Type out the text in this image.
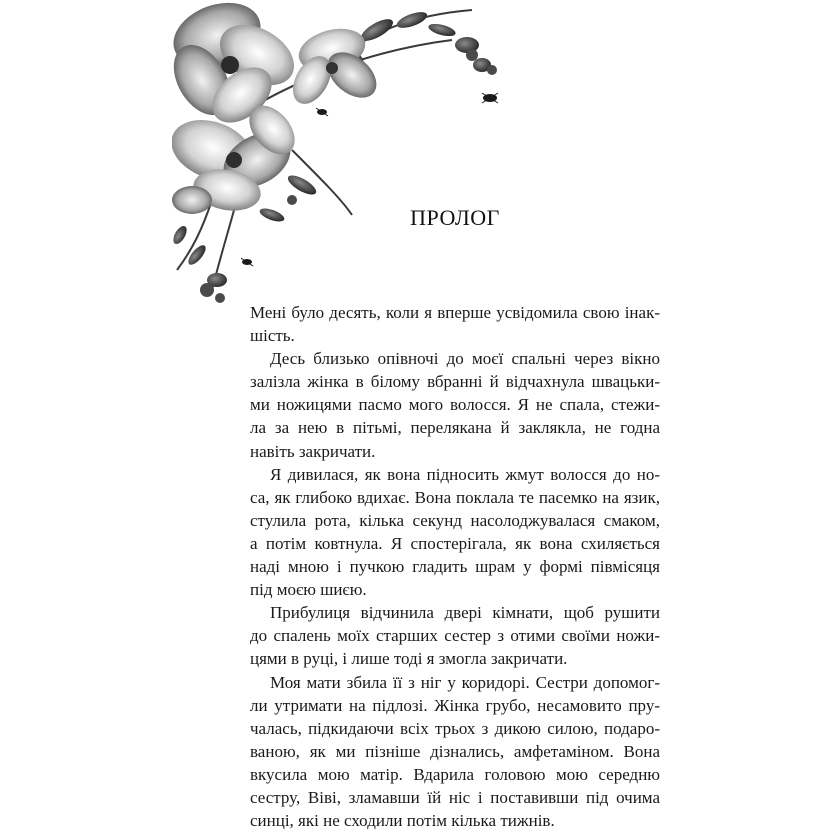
ПРОЛОГ
Мені було десять, коли я вперше усвідомила свою інак-
шість.
Десь близько опівночі до моєї спальні через вікно
залізла жінка в білому вбранні й відчахнула швацьки-
ми ножицями пасмо мого волосся. Я не спала, стежи-
ла за нею в пітьмі, перелякана й заклякла, не годна
навіть закричати.
Я дивилася, як вона підносить жмут волосся до но-
са, як глибоко вдихає. Вона поклала те пасемко на язик,
стулила рота, кілька секунд насолоджувалася смаком,
а потім ковтнула. Я спостерігала, як вона схиляється
наді мною і пучкою гладить шрам у формі півмісяця
під моєю шиєю.
Прибулиця відчинила двері кімнати, щоб рушити
до спалень моїх старших сестер з отими своїми ножи-
цями в руці, і лише тоді я змогла закричати.
Моя мати збила її з ніг у коридорі. Сестри допомог-
ли утримати на підлозі. Жінка грубо, несамовито пру-
чалась, підкидаючи всіх трьох з дикою силою, подаро-
ваною, як ми пізніше дізнались, амфетаміном. Вона
вкусила мою матір. Вдарила головою мою середню
сестру, Віві, зламавши їй ніс і поставивши під очима
синці, які не сходили потім кілька тижнів.
